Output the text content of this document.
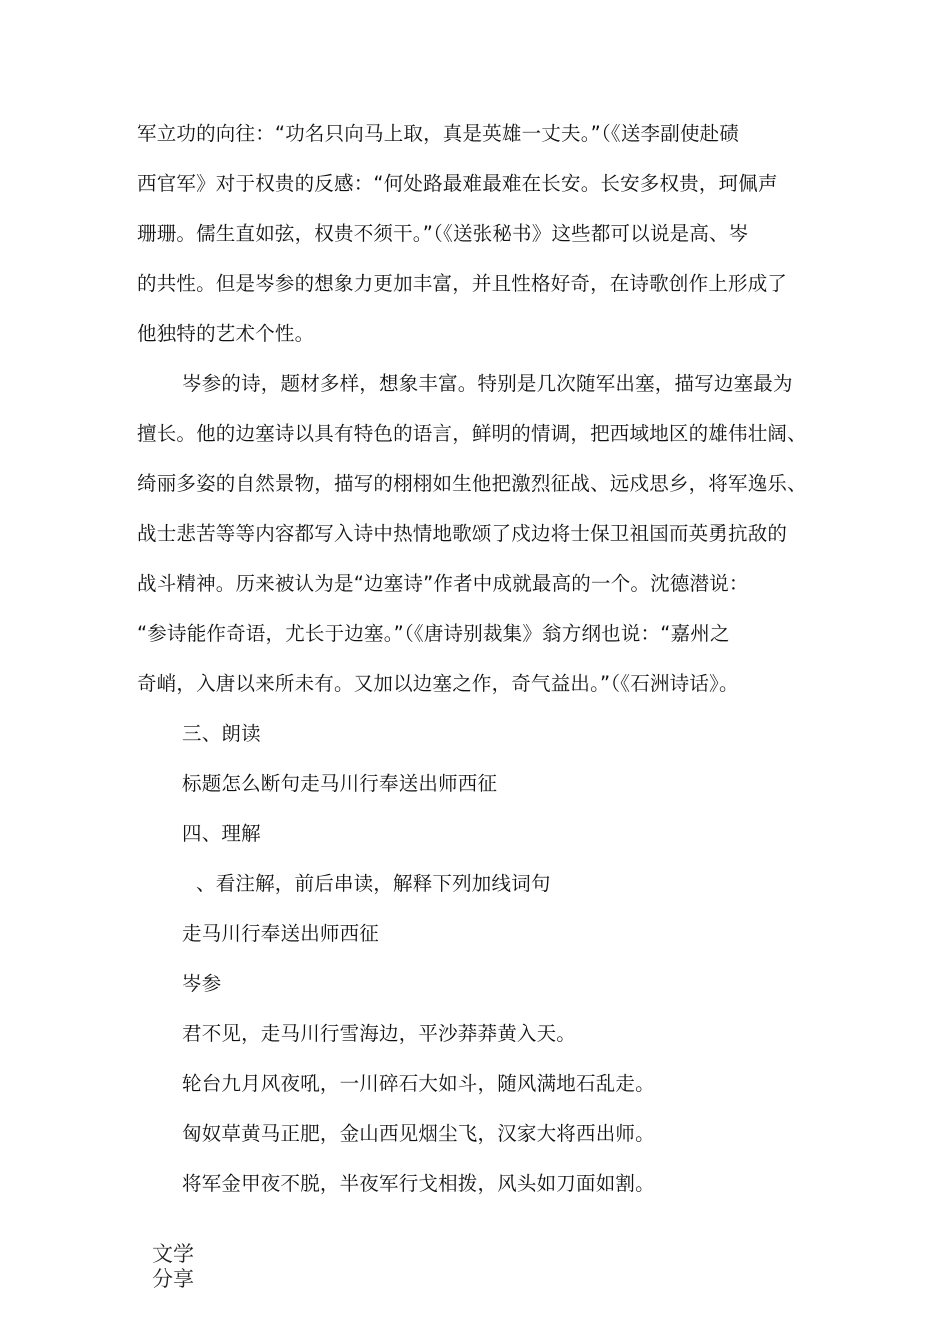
军立功的向往：“功名只向马上取，真是英雄一丈夫。”（《送李副使赴碛
西官军》对于权贵的反感：“何处路最难最难在长安。长安多权贵，珂佩声
珊珊。儒生直如弦，权贵不须干。”（《送张秘书》这些都可以说是高、岑
的共性。但是岑参的想象力更加丰富，并且性格好奇，在诗歌创作上形成了
他独特的艺术个性。
岑参的诗，题材多样，想象丰富。特别是几次随军出塞，描写边塞最为
擅长。他的边塞诗以具有特色的语言，鲜明的情调，把西域地区的雄伟壮阔、
绮丽多姿的自然景物，描写的栩栩如生他把激烈征战、远戍思乡，将军逸乐、
战士悲苦等等内容都写入诗中热情地歌颂了戍边将士保卫祖国而英勇抗敌的
战斗精神。历来被认为是“边塞诗”作者中成就最高的一个。沈德潜说：
“参诗能作奇语，尤长于边塞。”（《唐诗别裁集》翁方纲也说：“嘉州之
奇峭，入唐以来所未有。又加以边塞之作，奇气益出。”（《石洲诗话》。
三、朗读
标题怎么断句走马川行奉送出师西征
四、理解
、看注解，前后串读，解释下列加线词句
走马川行奉送出师西征
岑参
君不见，走马川行雪海边，平沙莽莽黄入天。
轮台九月风夜吼，一川碎石大如斗，随风满地石乱走。
匈奴草黄马正肥，金山西见烟尘飞，汉家大将西出师。
将军金甲夜不脱，半夜军行戈相拨，风头如刀面如割。
文学
分享
